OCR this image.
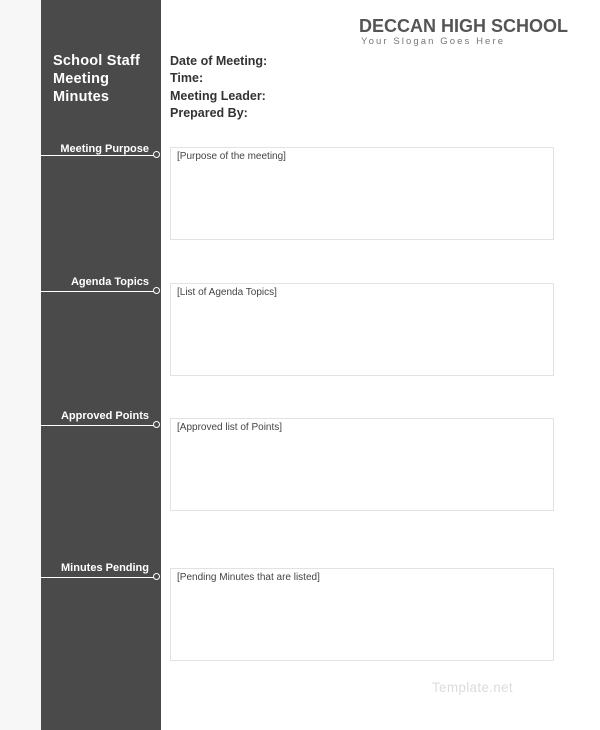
School Staff
Meeting
Minutes
DECCAN HIGH SCHOOL
Your Slogan Goes Here
Date of Meeting:
Time:
Meeting Leader:
Prepared By:
Meeting Purpose
[Purpose of the meeting]
Agenda Topics
[List of Agenda Topics]
Approved Points
[Approved list of Points]
Minutes Pending
[Pending Minutes that are listed]
Template.net
